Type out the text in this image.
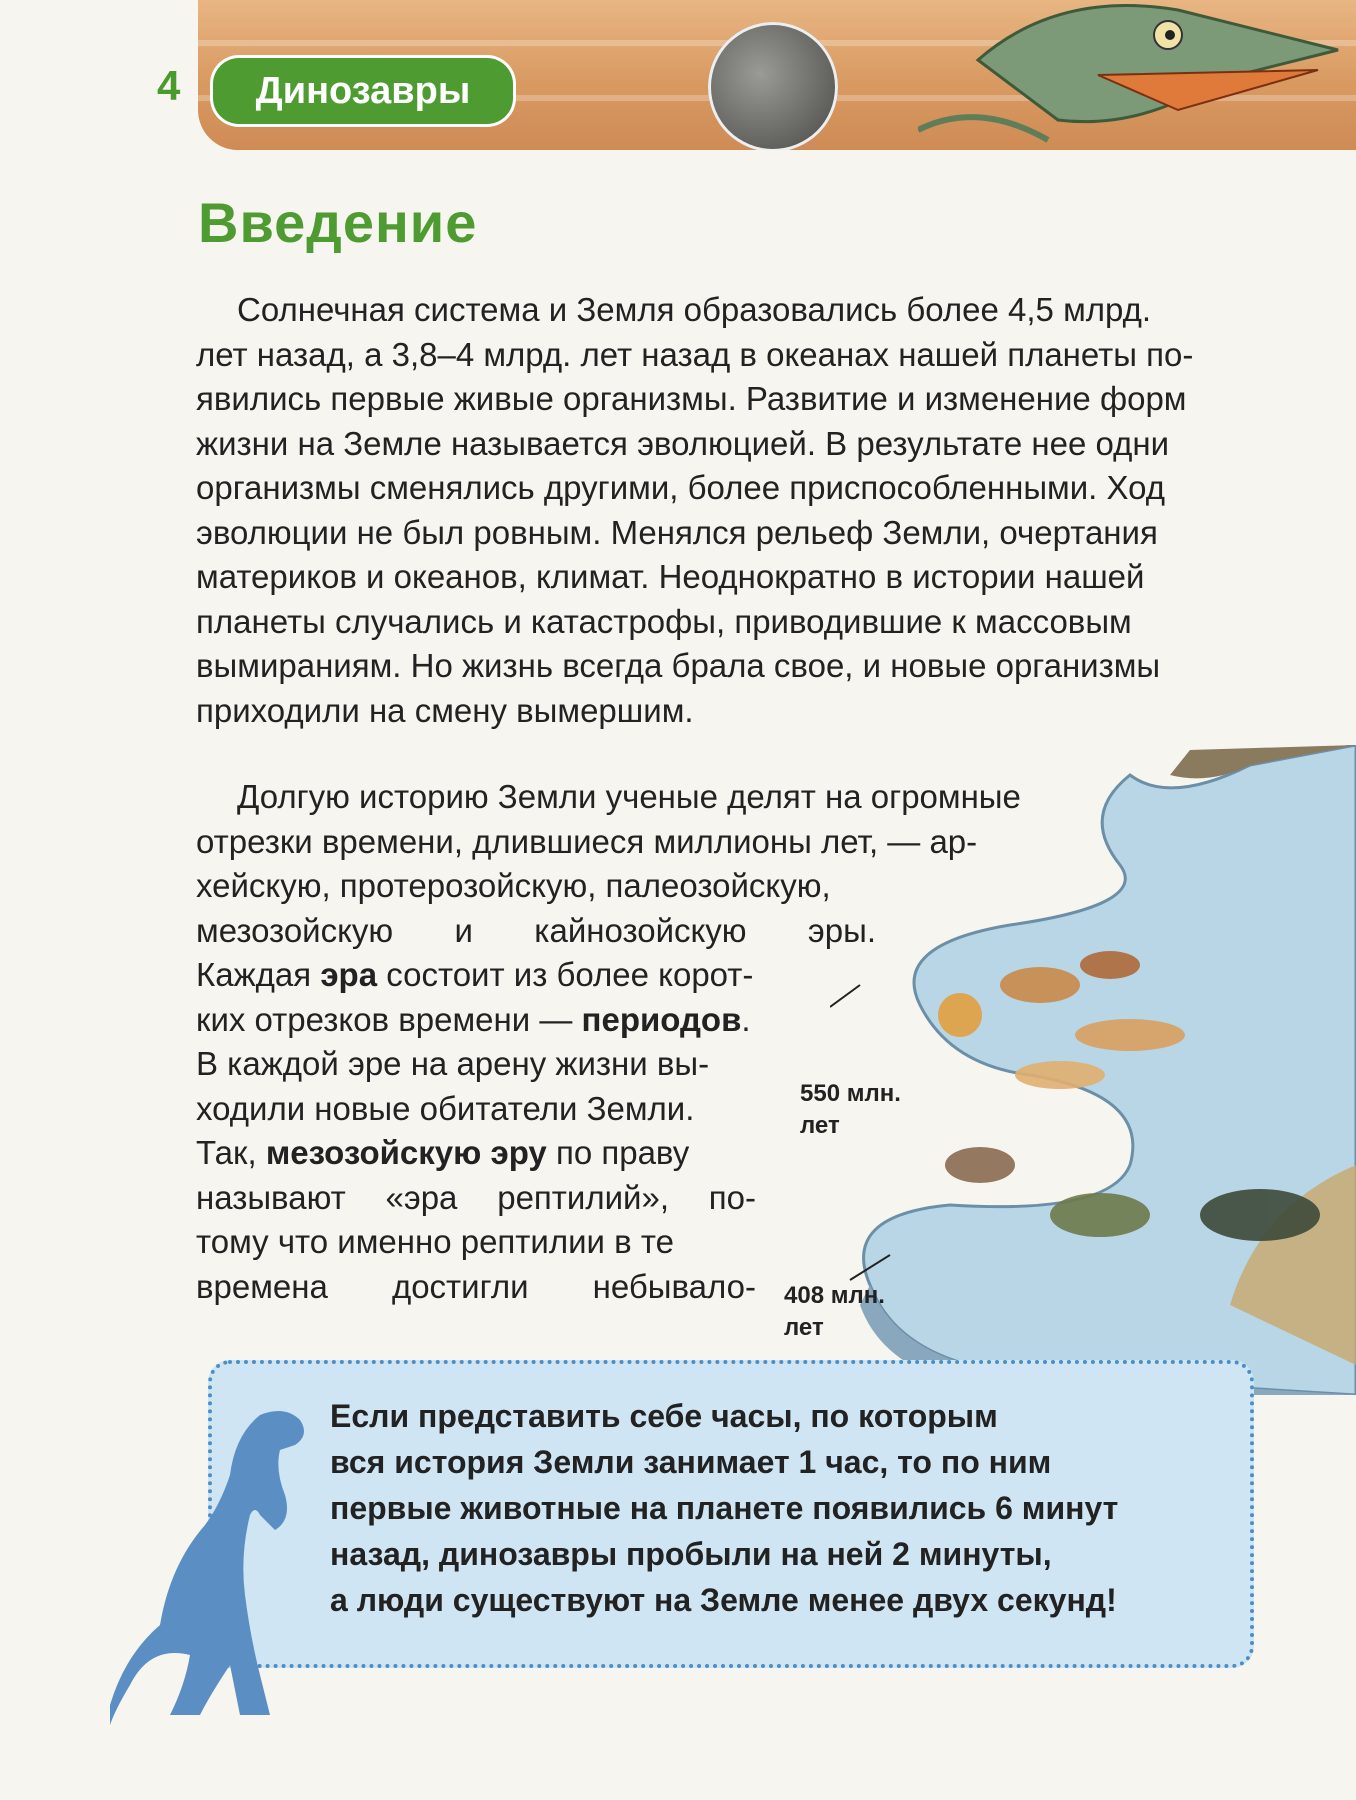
4	Динозавры
Введение
Солнечная система и Земля образовались более 4,5 млрд.
лет назад, а 3,8–4 млрд. лет назад в океанах нашей планеты по-
явились первые живые организмы. Развитие и изменение форм
жизни на Земле называется эволюцией. В результате нее одни
организмы сменялись другими, более приспособленными. Ход
эволюции не был ровным. Менялся рельеф Земли, очертания
материков и океанов, климат. Неоднократно в истории нашей
планеты случались и катастрофы, приводившие к массовым
вымираниям. Но жизнь всегда брала свое, и новые организмы
приходили на смену вымершим.
550 млн.
лет
408 млн.
лет
Долгую историю Земли ученые делят на огромные
отрезки времени, длившиеся миллионы лет, — ар-
хейскую, протерозойскую, палеозойскую,
мезозойскую и кайнозойскую эры.
Каждая эра состоит из более корот-
ких отрезков времени — периодов.
В каждой эре на арену жизни вы-
ходили новые обитатели Земли.
Так, мезозойскую эру по праву
называют «эра рептилий», по-
тому что именно рептилии в те
времена достигли небывало-
Если представить себе часы, по которым
вся история Земли занимает 1 час, то по ним
первые животные на планете появились 6 минут
назад, динозавры пробыли на ней 2 минуты,
а люди существуют на Земле менее двух секунд!
